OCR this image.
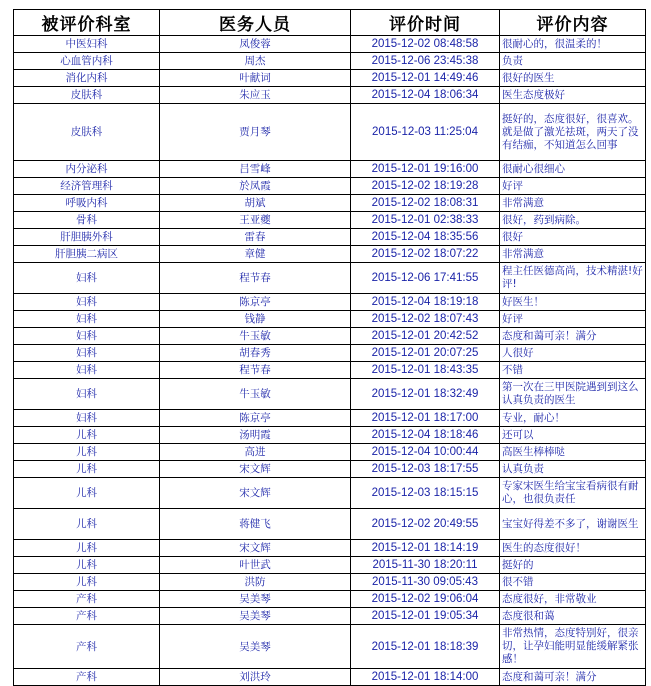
被评价科室	医务人员	评价时间	评价内容
中医妇科	凤俊蓉	2015-12-02 08:48:58	很耐心的，很温柔的！
心血管内科	周杰	2015-12-06 23:45:38	负责
消化内科	叶献词	2015-12-01 14:49:46	很好的医生
皮肤科	朱应玉	2015-12-04 18:06:34	医生态度极好
皮肤科	贾月琴	2015-12-03 11:25:04	挺好的，态度很好，很喜欢。就是做了激光祛斑，两天了没有结痂，不知道怎么回事
内分泌科	吕雪峰	2015-12-01 19:16:00	很耐心很细心
经济管理科	於凤霞	2015-12-02 18:19:28	好评
呼吸内科	胡斌	2015-12-02 18:08:31	非常满意
骨科	王亚夔	2015-12-01 02:38:33	很好，药到病除。
肝胆胰外科	雷春	2015-12-04 18:35:56	很好
肝胆胰二病区	章健	2015-12-02 18:07:22	非常满意
妇科	程节春	2015-12-06 17:41:55	程主任医德高尚，技术精湛!好评!
妇科	陈京亭	2015-12-04 18:19:18	好医生！
妇科	钱静	2015-12-02 18:07:43	好评
妇科	牛玉敏	2015-12-01 20:42:52	态度和蔼可亲！满分
妇科	胡春秀	2015-12-01 20:07:25	人很好
妇科	程节春	2015-12-01 18:43:35	不错
妇科	牛玉敏	2015-12-01 18:32:49	第一次在三甲医院遇到到这么认真负责的医生
妇科	陈京亭	2015-12-01 18:17:00	专业，耐心！
儿科	汤明霞	2015-12-04 18:18:46	还可以
儿科	高进	2015-12-04 10:00:44	高医生棒棒哒
儿科	宋文辉	2015-12-03 18:17:55	认真负责
儿科	宋文辉	2015-12-03 18:15:15	专家宋医生给宝宝看病很有耐心，也很负责任
儿科	蒋健飞	2015-12-02 20:49:55	宝宝好得差不多了，谢谢医生
儿科	宋文辉	2015-12-01 18:14:19	医生的态度很好！
儿科	叶世武	2015-11-30 18:20:11	挺好的
儿科	洪防	2015-11-30 09:05:43	很不错
产科	吴美琴	2015-12-02 19:06:04	态度很好，非常敬业
产科	吴美琴	2015-12-01 19:05:34	态度很和蔼
产科	吴美琴	2015-12-01 18:18:39	非常热情，态度特别好，很亲切，让孕妇能明显能缓解紧张感！
产科	刘洪玲	2015-12-01 18:14:00	态度和蔼可亲！满分
